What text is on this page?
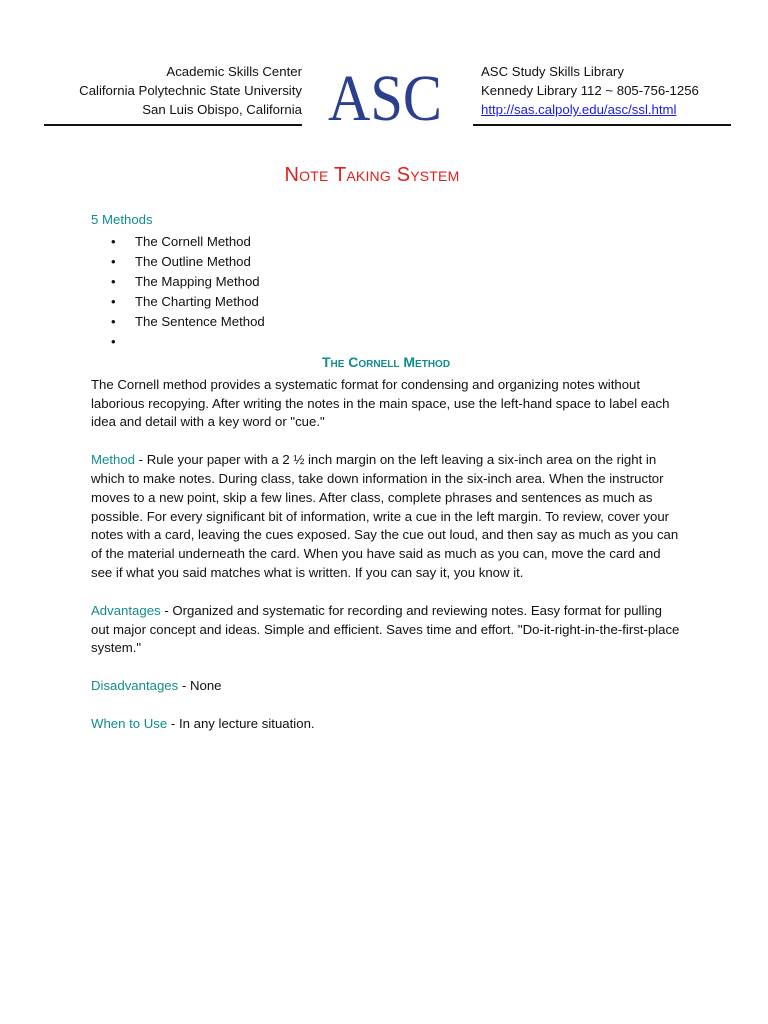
Academic Skills Center
California Polytechnic State University
San Luis Obispo, California ASC	ASC Study Skills Library
Kennedy Library 112 ~ 805-756-1256
http://sas.calpoly.edu/asc/ssl.html
Note Taking System
5 Methods
• The Cornell Method
• The Outline Method
• The Mapping Method
• The Charting Method
• The Sentence Method
•
The Cornell Method

The Cornell method provides a systematic format for condensing and organizing notes without laborious recopying. After writing the notes in the main space, use the left-hand space to label each idea and detail with a key word or "cue."

Method - Rule your paper with a 2 ½ inch margin on the left leaving a six-inch area on the right in which to make notes. During class, take down information in the six-inch area. When the instructor moves to a new point, skip a few lines. After class, complete phrases and sentences as much as possible. For every significant bit of information, write a cue in the left margin. To review, cover your notes with a card, leaving the cues exposed. Say the cue out loud, and then say as much as you can of the material underneath the card. When you have said as much as you can, move the card and see if what you said matches what is written. If you can say it, you know it.

Advantages - Organized and systematic for recording and reviewing notes. Easy format for pulling out major concept and ideas. Simple and efficient. Saves time and effort. "Do-it-right-in-the-first-place system."

Disadvantages - None

When to Use - In any lecture situation.
